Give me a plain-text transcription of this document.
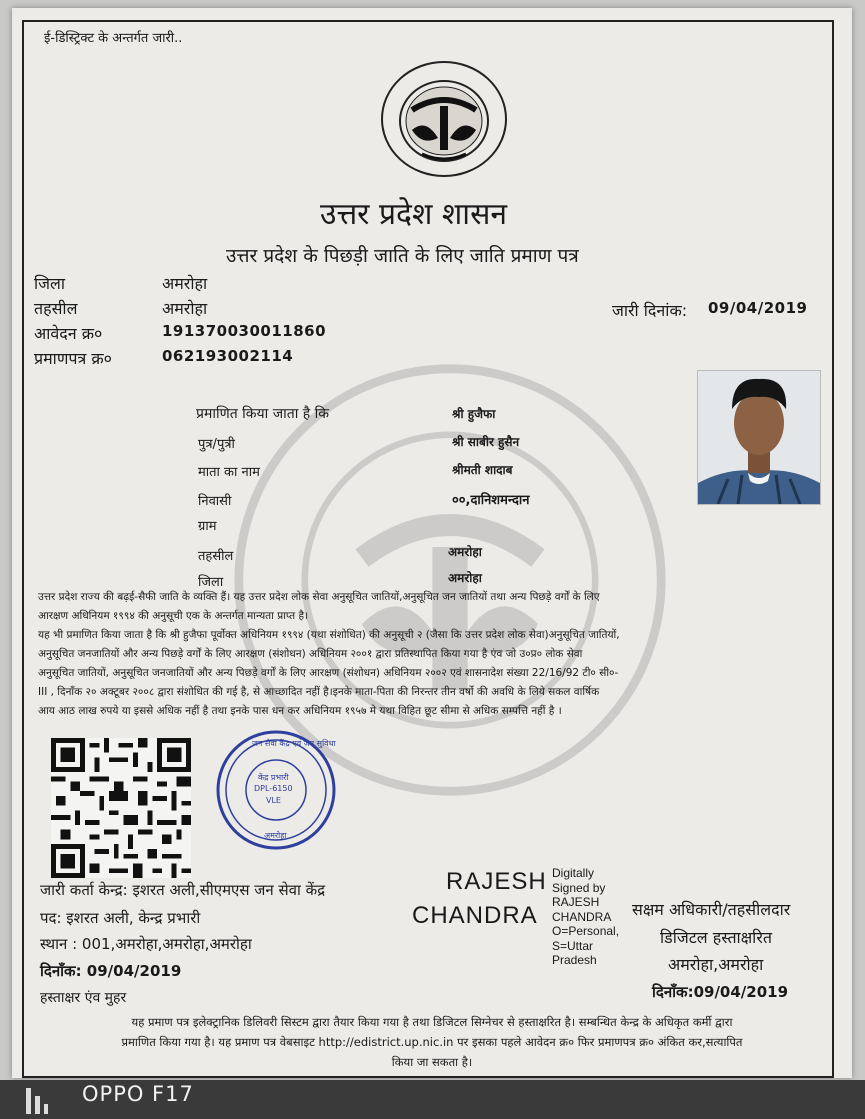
ई-डिस्ट्रिक्ट के अन्तर्गत जारी..
उत्तर प्रदेश शासन
उत्तर प्रदेश के पिछड़ी जाति के लिए जाति प्रमाण पत्र
जिला	अमरोहा
तहसील	अमरोहा
आवेदन क्र०	191370030011860
प्रमाणपत्र क्र०	062193002114
जारी दिनांक: 09/04/2019
प्रमाणित किया जाता है कि	श्री हुजैफा
पुत्र/पुत्री	श्री साबीर हुसैन
माता का नाम	श्रीमती शादाब
निवासी	००,दानिशमन्दान
ग्राम
तहसील	अमरोहा
जिला	अमरोहा

उत्तर प्रदेश राज्य की बढ़ई-सैफी जाति के व्यक्ति हैं। यह उत्तर प्रदेश लोक सेवा अनुसूचित जातियों,अनुसूचित जन जातियों तथा अन्य पिछड़े वर्गों के लिए

आरक्षण अधिनियम १९९४ की अनुसूची एक के अन्तर्गत मान्यता प्राप्त है।

यह भी प्रमाणित किया जाता है कि श्री हुजैफा पूर्वोक्त अधिनियम १९९४ (यथा संशोधित) की अनुसूची २ (जैसा कि उत्तर प्रदेश लोक सेवा)अनुसूचित जातियों,

अनुसूचित जनजातियों और अन्य पिछड़े वर्गों के लिए आरक्षण (संशोधन) अधिनियम २००१ द्वारा प्रतिस्थापित किया गया है एंव जो उ०प्र० लोक सेवा

अनुसूचित जातियों, अनुसूचित जनजातियों और अन्य पिछड़े वर्गों के लिए आरक्षण (संशोधन) अधिनियम २००२ एवं शासनादेश संख्या 22/16/92 टी० सी०-

III , दिनाँक २० अक्टूबर २००८ द्वारा संशोधित की गई है, से आच्छादित नहीं है।इनके माता-पिता की निरन्तर तीन वर्षो की अवधि के लिये सकल वार्षिक

आय आठ लाख रुपये या इससे अधिक नहीं है तथा इनके पास धन कर अधिनियम १९५७ मे यथा विहित छूट सीमा से अधिक सम्पत्ति नहीं है ।

जन सेवा केंद्र एवं जन सुविधा
केंद्र प्रभारी
DPL-6150
VLE
अमरोहा
जारी कर्ता केन्द्र: इशरत अली,सीएमएस जन सेवा केंद्र
पद: इशरत अली, केन्द्र प्रभारी
स्थान : 001,अमरोहा,अमरोहा,अमरोहा
दिनाँक: 09/04/2019
हस्ताक्षर एंव मुहर
RAJESH
CHANDRA
Digitally
Signed by
RAJESH
CHANDRA
O=Personal,
S=Uttar
Pradesh
सक्षम अधिकारी/तहसीलदार
डिजिटल हस्ताक्षरित
अमरोहा,अमरोहा
दिनाँक:09/04/2019

यह प्रमाण पत्र इलेक्ट्रानिक डिलिवरी सिस्टम द्वारा तैयार किया गया है तथा डिजिटल सिग्नेचर से हस्ताक्षरित है। सम्बन्धित केन्द्र के अधिकृत कर्मी द्वारा

प्रमाणित किया गया है। यह प्रमाण पत्र वेबसाइट http://edistrict.up.nic.in पर इसका पहले आवेदन क्र० फिर प्रमाणपत्र क्र० अंकित कर,सत्यापित

किया जा सकता है।

OPPO F17
